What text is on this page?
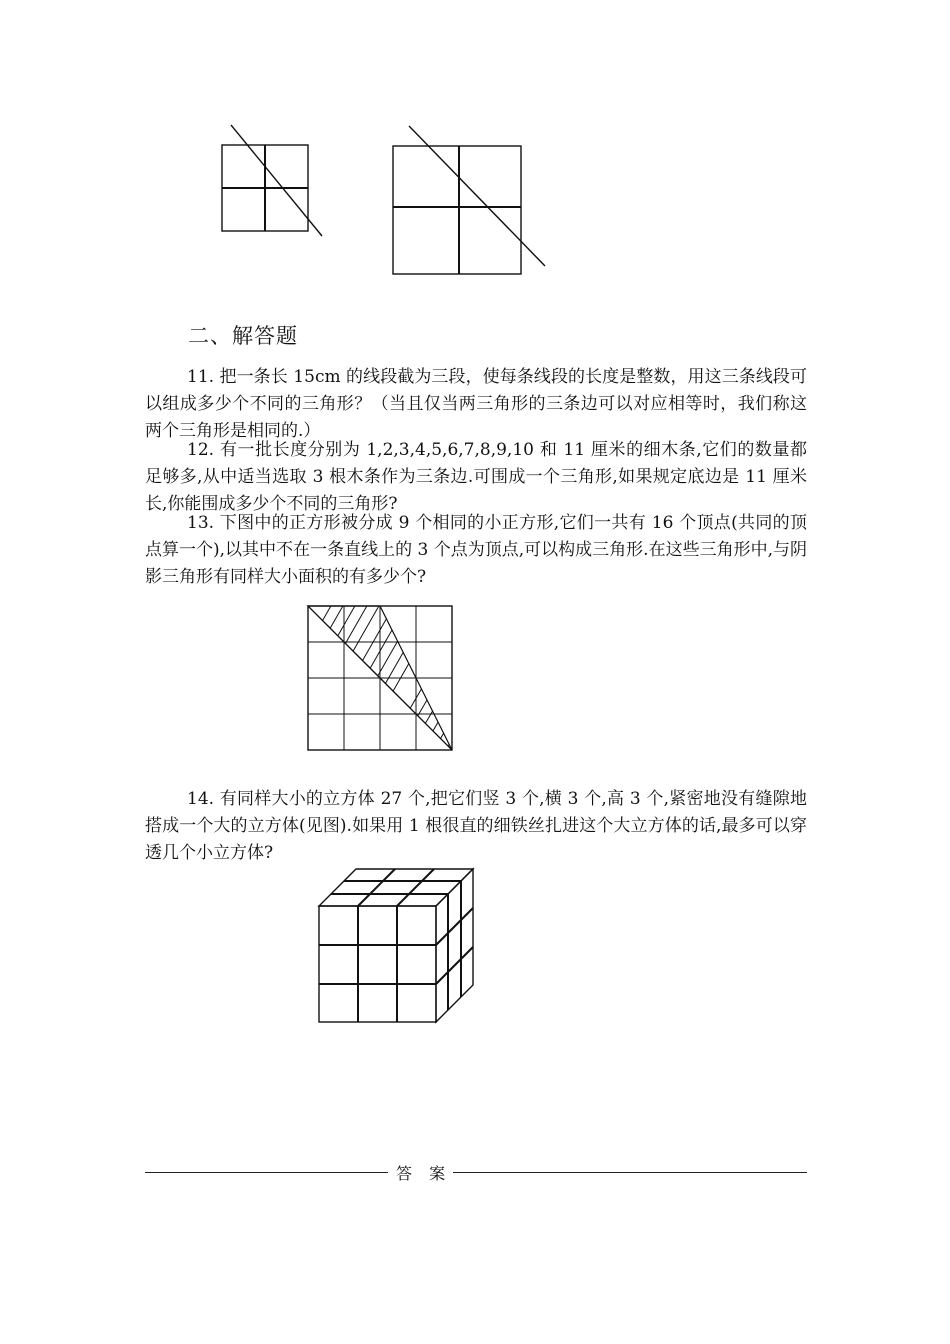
二、解答题
11. 把一条长 15cm 的线段截为三段，使每条线段的长度是整数，用这三条线段可以组成多少个不同的三角形？（当且仅当两三角形的三条边可以对应相等时，我们称这两个三角形是相同的.）
12. 有一批长度分别为 1,2,3,4,5,6,7,8,9,10 和 11 厘米的细木条,它们的数量都足够多,从中适当选取 3 根木条作为三条边.可围成一个三角形,如果规定底边是 11 厘米长,你能围成多少个不同的三角形?
13. 下图中的正方形被分成 9 个相同的小正方形,它们一共有 16 个顶点(共同的顶点算一个),以其中不在一条直线上的 3 个点为顶点,可以构成三角形.在这些三角形中,与阴影三角形有同样大小面积的有多少个?
14. 有同样大小的立方体 27 个,把它们竖 3 个,横 3 个,高 3 个,紧密地没有缝隙地搭成一个大的立方体(见图).如果用 1 根很直的细铁丝扎进这个大立方体的话,最多可以穿透几个小立方体?
答 案
